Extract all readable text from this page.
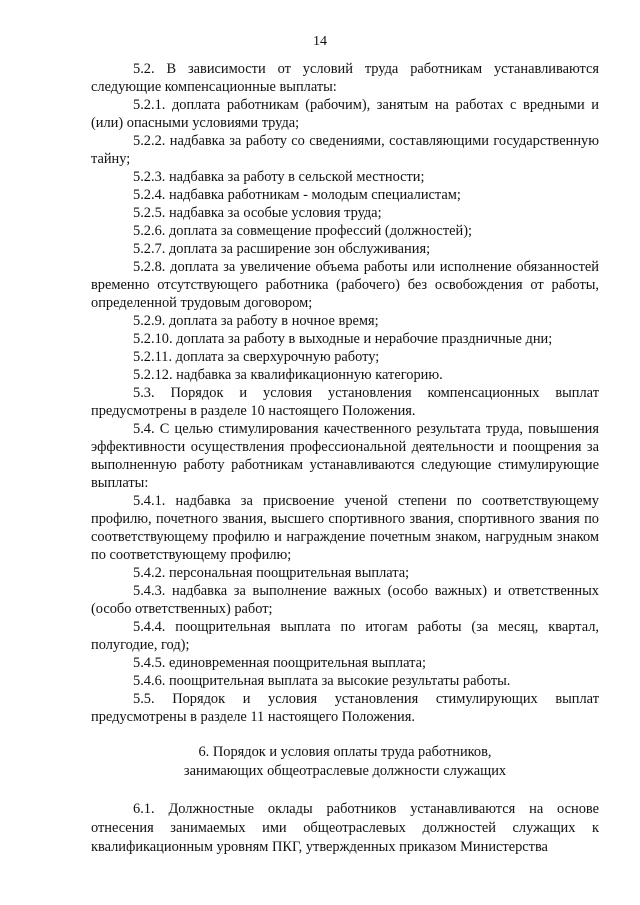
14

5.2. В зависимости от условий труда работникам устанавливаются следующие компенсационные выплаты:

5.2.1. доплата работникам (рабочим), занятым на работах с вредными и (или) опасными условиями труда;

5.2.2. надбавка за работу со сведениями, составляющими государственную тайну;

5.2.3. надбавка за работу в сельской местности;

5.2.4. надбавка работникам - молодым специалистам;

5.2.5. надбавка за особые условия труда;

5.2.6. доплата за совмещение профессий (должностей);

5.2.7. доплата за расширение зон обслуживания;

5.2.8. доплата за увеличение объема работы или исполнение обязанностей временно отсутствующего работника (рабочего) без освобождения от работы, определенной трудовым договором;

5.2.9. доплата за работу в ночное время;

5.2.10. доплата за работу в выходные и нерабочие праздничные дни;

5.2.11. доплата за сверхурочную работу;

5.2.12. надбавка за квалификационную категорию.

5.3. Порядок и условия установления компенсационных выплат предусмотрены в разделе 10 настоящего Положения.

5.4. С целью стимулирования качественного результата труда, повышения эффективности осуществления профессиональной деятельности и поощрения за выполненную работу работникам устанавливаются следующие стимулирующие выплаты:

5.4.1. надбавка за присвоение ученой степени по соответствующему профилю, почетного звания, высшего спортивного звания, спортивного звания по соответствующему профилю и награждение почетным знаком, нагрудным знаком по соответствующему профилю;

5.4.2. персональная поощрительная выплата;

5.4.3. надбавка за выполнение важных (особо важных) и ответственных (особо ответственных) работ;

5.4.4. поощрительная выплата по итогам работы (за месяц, квартал, полугодие, год);

5.4.5. единовременная поощрительная выплата;

5.4.6. поощрительная выплата за высокие результаты работы.

5.5. Порядок и условия установления стимулирующих выплат предусмотрены в разделе 11 настоящего Положения.

6. Порядок и условия оплаты труда работников,
занимающих общеотраслевые должности служащих

6.1. Должностные оклады работников устанавливаются на основе отнесения занимаемых ими общеотраслевых должностей служащих к квалификационным уровням ПКГ, утвержденных приказом Министерства
